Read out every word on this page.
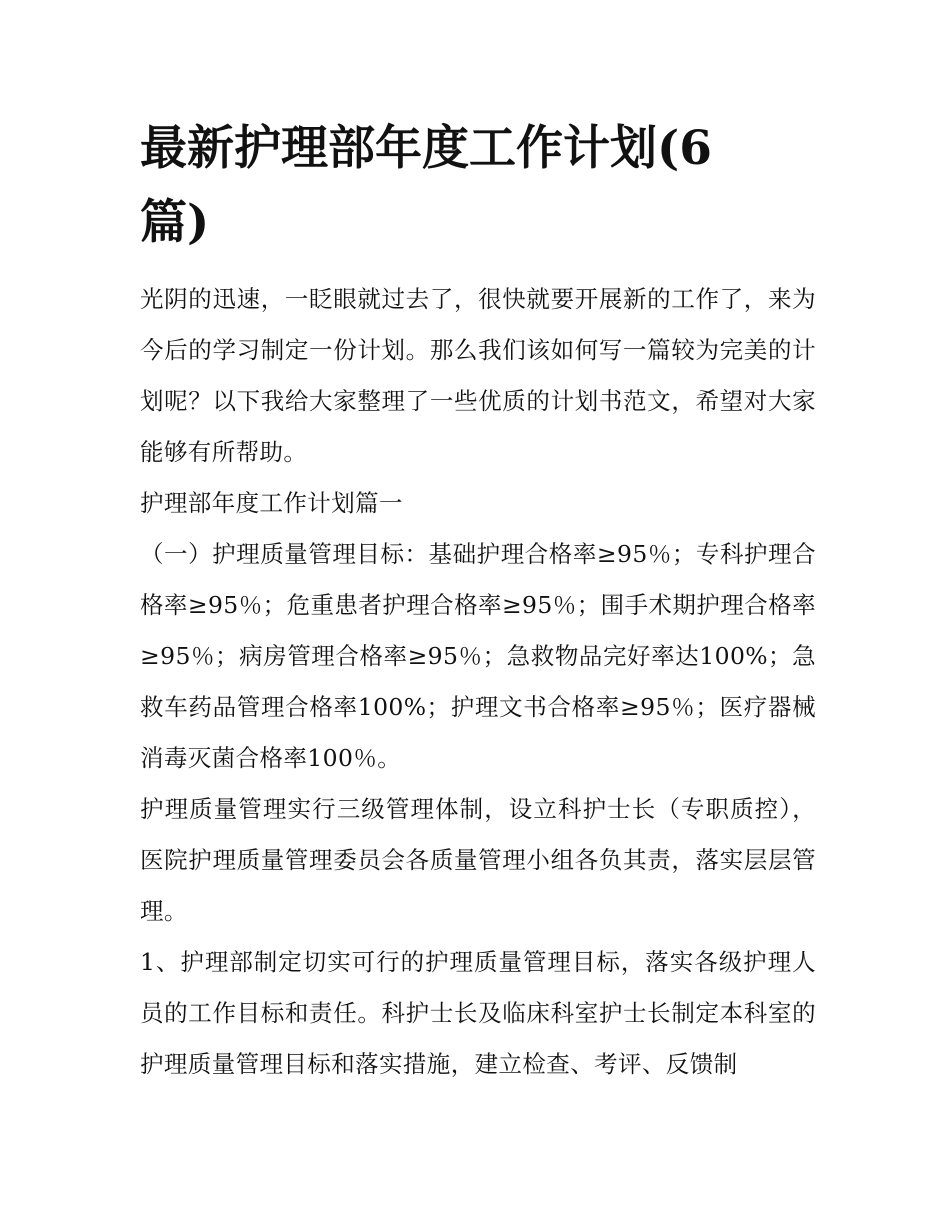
最新护理部年度工作计划(6篇)

光阴的迅速，一眨眼就过去了，很快就要开展新的工作了，来为今后的学习制定一份计划。那么我们该如何写一篇较为完美的计划呢？以下我给大家整理了一些优质的计划书范文，希望对大家能够有所帮助。

护理部年度工作计划篇一

（一）护理质量管理目标：基础护理合格率≥95％；专科护理合格率≥95％；危重患者护理合格率≥95％；围手术期护理合格率≥95％；病房管理合格率≥95％；急救物品完好率达100%；急救车药品管理合格率100%；护理文书合格率≥95％；医疗器械消毒灭菌合格率100％。

护理质量管理实行三级管理体制，设立科护士长（专职质控），医院护理质量管理委员会各质量管理小组各负其责，落实层层管理。

1、护理部制定切实可行的护理质量管理目标，落实各级护理人员的工作目标和责任。科护士长及临床科室护士长制定本科室的护理质量管理目标和落实措施，建立检查、考评、反馈制
